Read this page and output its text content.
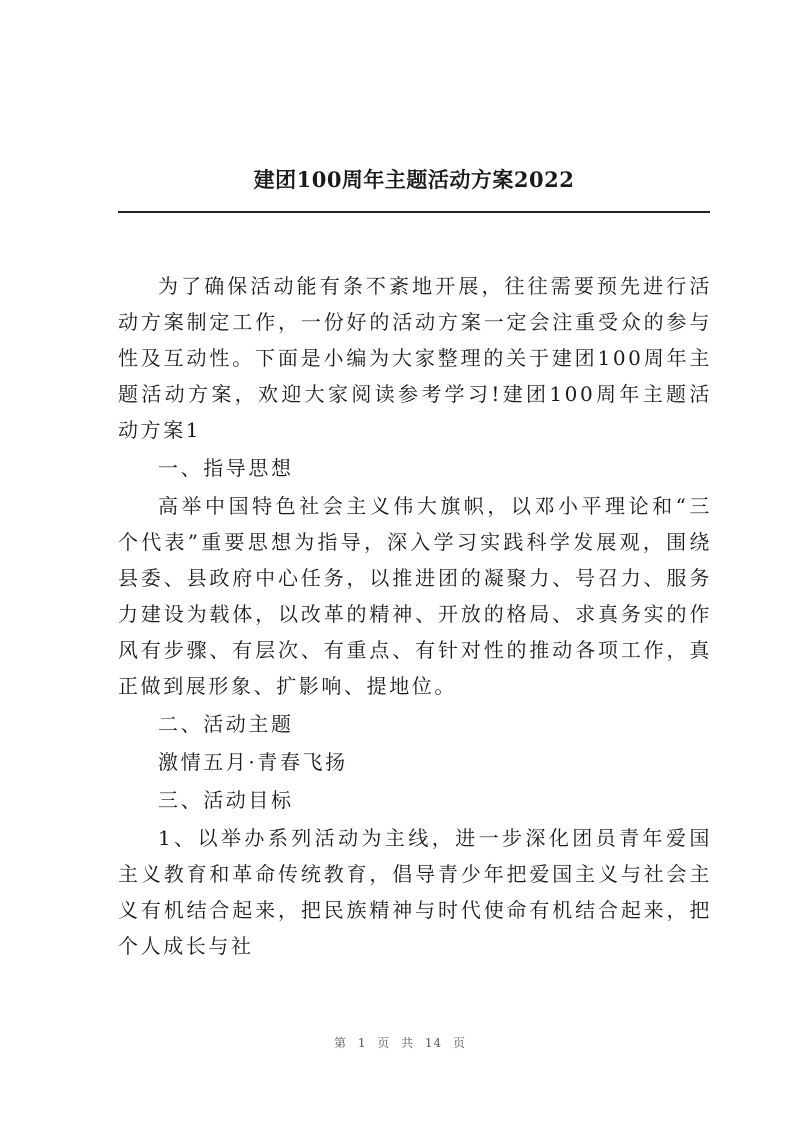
建团100周年主题活动方案2022

为了确保活动能有条不紊地开展，往往需要预先进行活动方案制定工作，一份好的活动方案一定会注重受众的参与性及互动性。下面是小编为大家整理的关于建团100周年主题活动方案，欢迎大家阅读参考学习!建团100周年主题活动方案1

一、指导思想

高举中国特色社会主义伟大旗帜，以邓小平理论和“三个代表”重要思想为指导，深入学习实践科学发展观，围绕县委、县政府中心任务，以推进团的凝聚力、号召力、服务力建设为载体，以改革的精神、开放的格局、求真务实的作风有步骤、有层次、有重点、有针对性的推动各项工作，真正做到展形象、扩影响、提地位。

二、活动主题

激情五月·青春飞扬

三、活动目标

1、以举办系列活动为主线，进一步深化团员青年爱国主义教育和革命传统教育，倡导青少年把爱国主义与社会主义有机结合起来，把民族精神与时代使命有机结合起来，把个人成长与社

第 1 页 共 14 页
